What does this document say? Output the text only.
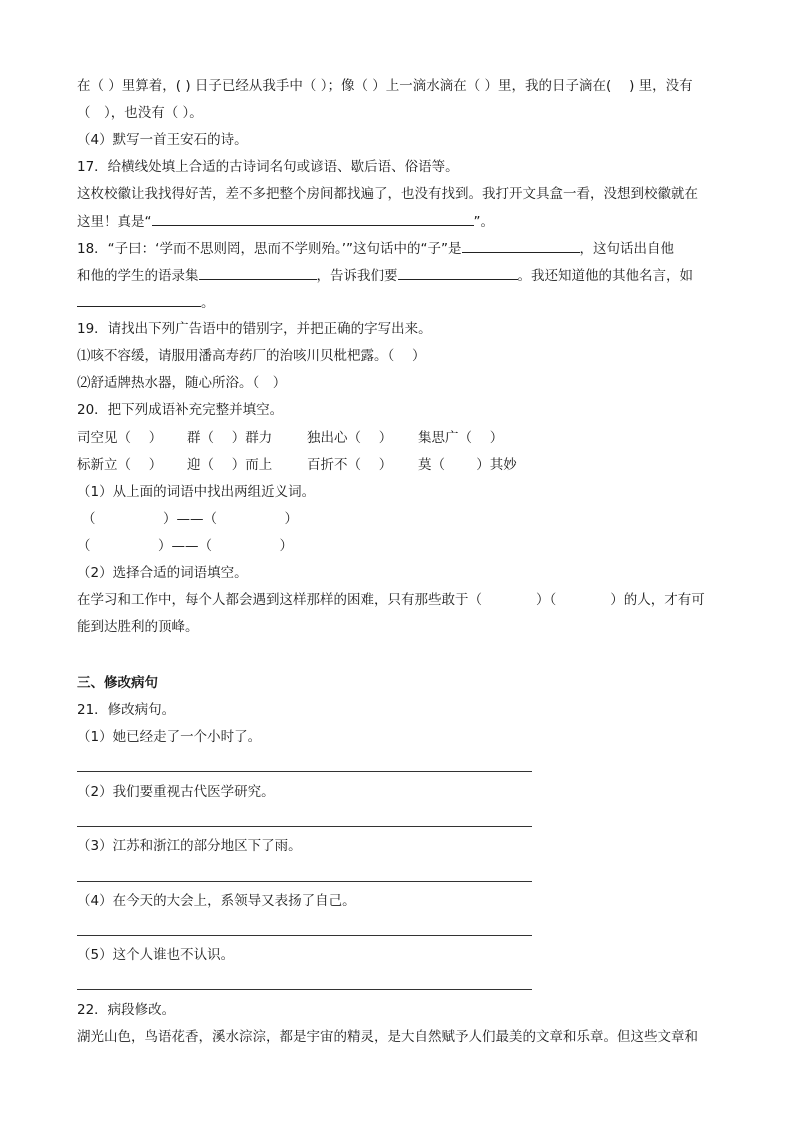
在（ ）里算着，( ) 日子已经从我手中（ ）；像（ ）上一滴水滴在（ ）里，我的日子滴在(　 ) 里，没有
（　），也没有（ ）。
（4）默写一首王安石的诗。
17．给横线处填上合适的古诗词名句或谚语、歇后语、俗语等。
这枚校徽让我找得好苦，差不多把整个房间都找遍了，也没有找到。我打开文具盒一看，没想到校徽就在
这里！真是“	”。
18．“子曰：‘学而不思则罔，思而不学则殆。’”这句话中的“子”是	，这句话出自他
和他的学生的语录集	，告诉我们要	。我还知道他的其他名言，如
。
19．请找出下列广告语中的错别字，并把正确的字写出来。
⑴咳不容缓，请服用潘高寿药厂的治咳川贝枇杷露。（　 ）
⑵舒适牌热水器，随心所浴。（　）
20．把下列成语补充完整并填空。
司空见（　 ） 群（　 ）群力	独出心（　 ） 集思广（　 ）
标新立（　 ） 迎（　 ）而上	百折不（　 ） 莫（　　 ）其妙
（1）从上面的词语中找出两组近义词。
（　　　　　）——（　　　　　）
（　　　　　）——（　　　　　）
（2）选择合适的词语填空。
在学习和工作中，每个人都会遇到这样那样的困难，只有那些敢于（　　　　）（　　　　）的人，才有可
能到达胜利的顶峰。
三、修改病句
21．修改病句。
（1）她已经走了一个小时了。
（2）我们要重视古代医学研究。
（3）江苏和浙江的部分地区下了雨。
（4）在今天的大会上，系领导又表扬了自己。
（5）这个人谁也不认识。
22．病段修改。
湖光山色，鸟语花香，溪水淙淙，都是宇宙的精灵，是大自然赋予人们最美的文章和乐章。但这些文章和
